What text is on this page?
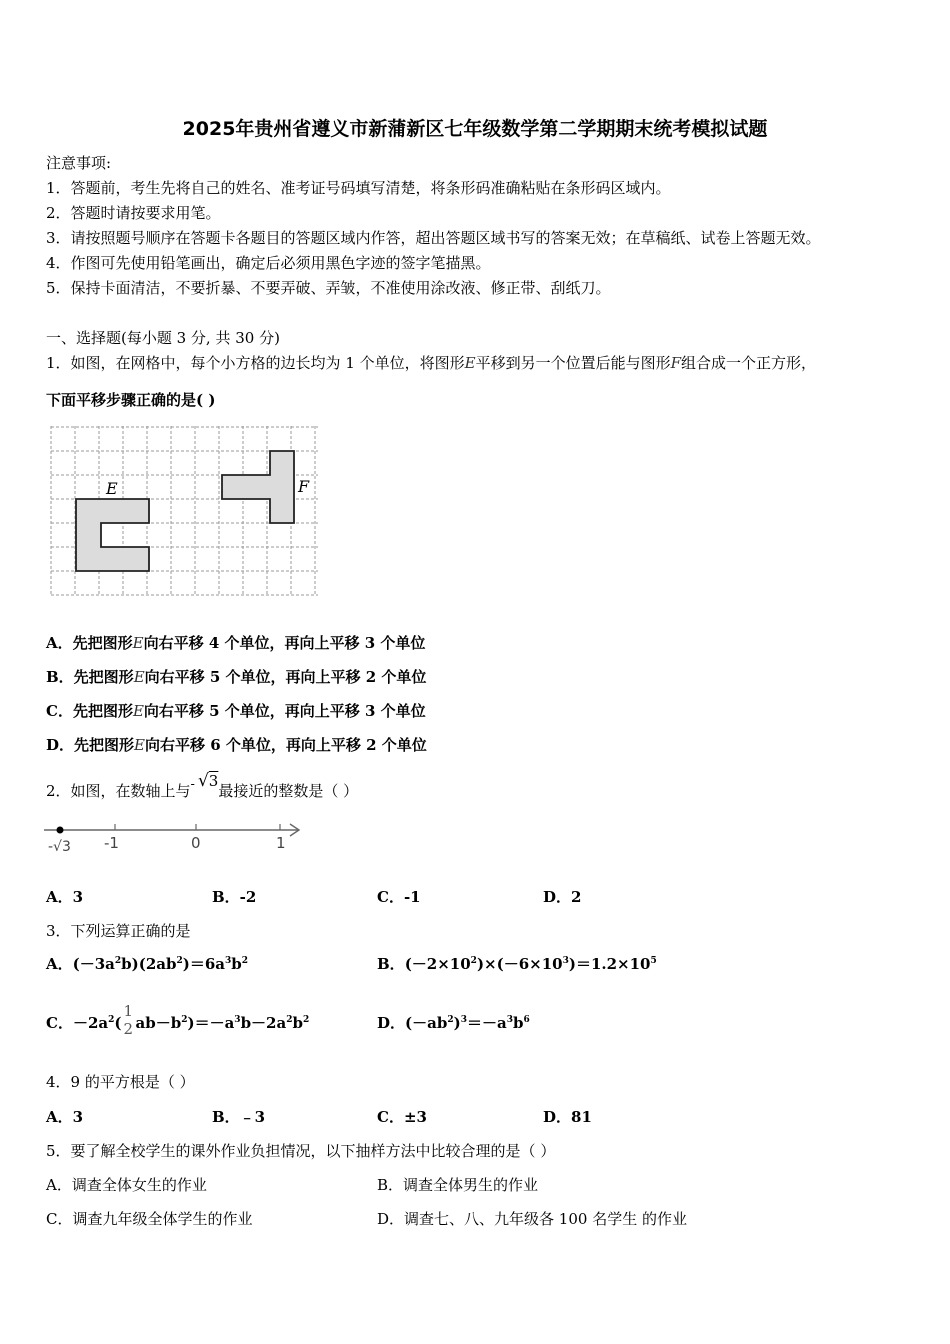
2025年贵州省遵义市新蒲新区七年级数学第二学期期末统考模拟试题
注意事项:
1．答题前，考生先将自己的姓名、准考证号码填写清楚，将条形码准确粘贴在条形码区域内。
2．答题时请按要求用笔。
3．请按照题号顺序在答题卡各题目的答题区域内作答，超出答题区域书写的答案无效；在草稿纸、试卷上答题无效。
4．作图可先使用铅笔画出，确定后必须用黑色字迹的签字笔描黑。
5．保持卡面清洁，不要折暴、不要弄破、弄皱，不准使用涂改液、修正带、刮纸刀。
一、选择题(每小题 3 分, 共 30 分)
1．如图，在网格中，每个小方格的边长均为 1 个单位，将图形E平移到另一个位置后能与图形F组合成一个正方形，
下面平移步骤正确的是( )
E	F
A．先把图形E向右平移 4 个单位，再向上平移 3 个单位
B．先把图形E向右平移 5 个单位，再向上平移 2 个单位
C．先把图形E向右平移 5 个单位，再向上平移 3 个单位
D．先把图形E向右平移 6 个单位，再向上平移 2 个单位
2．如图，在数轴上与- √3最接近的整数是（ ）
-√3 -1	0	1
A．3	B．-2	C．-1	D．2
3．下列运算正确的是
A．$(-3a^2b)(2ab^2)=6a^3b^2$	B．$(-2\times 10^2)\times(-6\times 10^3)=1.2\times 10^5$
C．$-2a^2$(
1
2 $ab-b^2)=-a^3b-2a^2b^2$	D．$(-ab^2)^3=-a^3b^6$
4．9 的平方根是（ ）
A．3	B．﹣3	C．±3	D．81
5．要了解全校学生的课外作业负担情况，以下抽样方法中比较合理的是（ ）
A．调查全体女生的作业	B．调查全体男生的作业
C．调查九年级全体学生的作业	D．调查七、八、九年级各 100 名学生 的作业
